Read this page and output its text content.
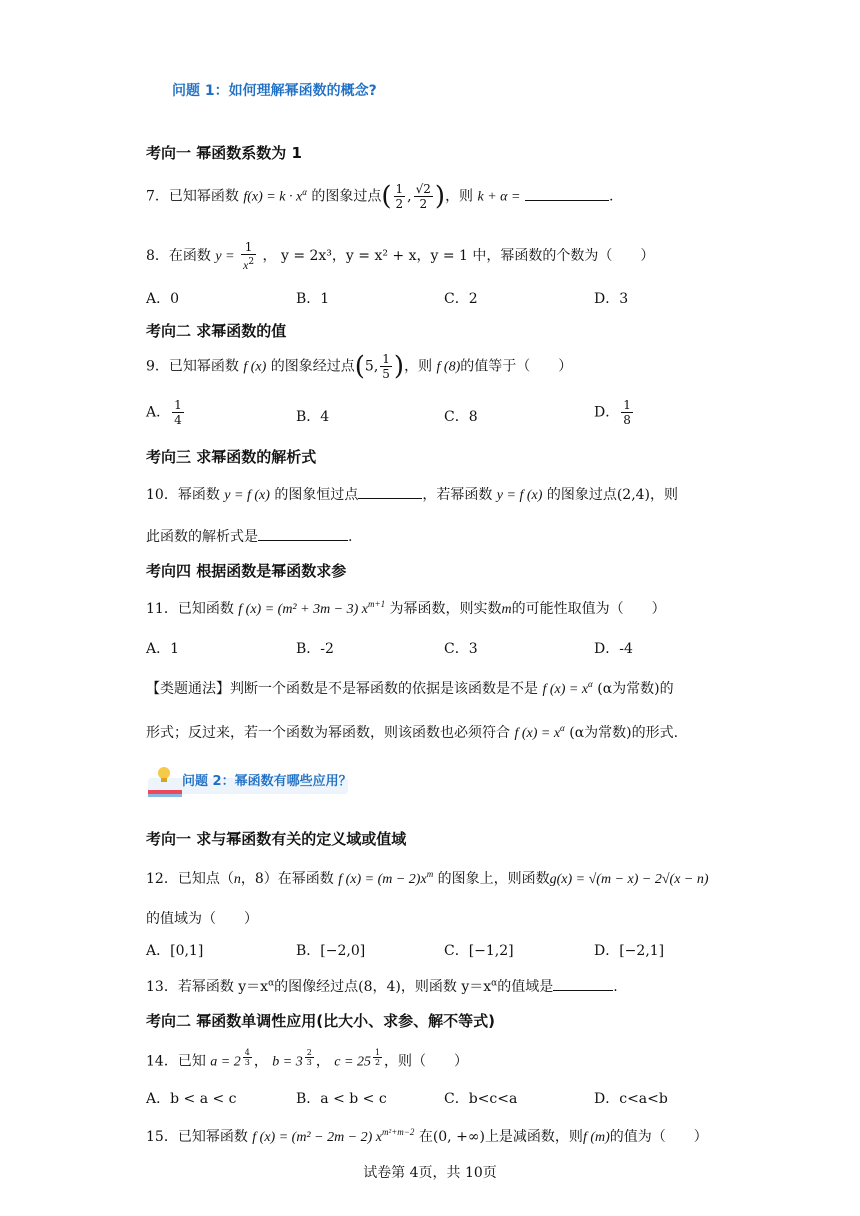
问题 1：如何理解幂函数的概念?
考向一 幂函数系数为 1
7．已知幂函数 $f(x) = k \cdot x^\alpha$ 的图象过点( $\frac{1}{2}$ , $\frac{√2}{2}$ )，则 k + α =	.
8．在函数 $y = \frac{1}{x^2}$ ， y = 2x³，y = x² + x，y = 1 中，幂函数的个数为（　　）
A．0	B．1	C．2	D．3
考向二 求幂函数的值
9．已知幂函数 f (x) 的图象经过点(5, $\frac{1}{5}$ )，则 f (8)的值等于（　　）
A． $\frac{1}{4}$	B．4	C．8	D． $\frac{1}{8}$
考向三 求幂函数的解析式
10．幂函数 y = f (x) 的图象恒过点	，若幂函数 y = f (x) 的图象过点(2,4)，则
此函数的解析式是	.
考向四 根据函数是幂函数求参
11．已知函数 f (x) = (m² + 3m − 3) $x^{m+1}$ 为幂函数，则实数m的可能性取值为（　　）
A．1	B．-2	C．3	D．-4
【类题通法】判断一个函数是不是幂函数的依据是该函数是不是 f $(x) = x^\alpha$ (α为常数)的
形式；反过来，若一个函数为幂函数，则该函数也必须符合 f $(x) = x^\alpha$ (α为常数)的形式.
问题 2：幂函数有哪些应用？
考向一 求与幂函数有关的定义域或值域
12．已知点（n，8）在幂函数 f $(x) = (m - 2)x^m$ 的图象上，则函数g(x) = √(m − x) − 2√(x − n)
的值域为（　　）
A．[0,1]	B．[−2,0]	C．[−1,2]	D．[−2,1]
13．若幂函数 $y=x^\alpha$的图像经过点(8，4)，则函数 $y=x^\alpha$的值域是	.
考向二 幂函数单调性应用(比大小、求参、解不等式)
14．已知 a = 2 $^{\frac{4}{3}}$ ， b = 3 $^{\frac{2}{3}}$ ， c = 25 $^{\frac{1}{2}}$ ，则（　　）
A．b < a < c	B．a < b < c	C．b<c<a	D．c<a<b
15．已知幂函数 f (x) = (m² − 2m − 2) $x^{m^2+m-2}$ 在(0, +∞)上是减函数，则f (m)的值为（　　）
试卷第 4页，共 10页
